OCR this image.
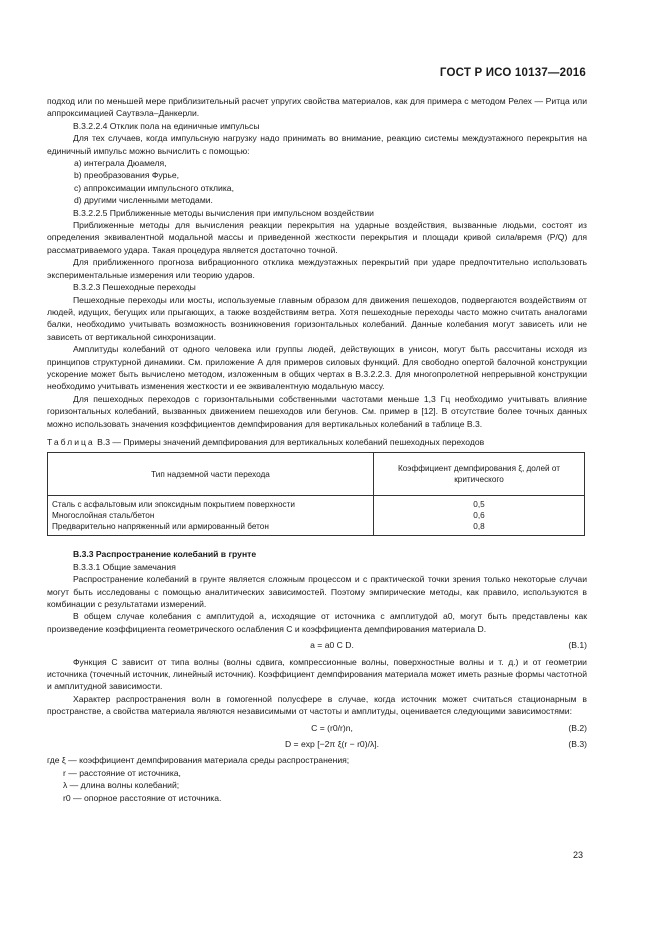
ГОСТ Р ИСО 10137—2016

подход или по меньшей мере приблизительный расчет упругих свойства материалов, как для примера с методом Релех — Ритца или аппроксимацией Саутвэла–Данкерли.

В.3.2.2.4 Отклик пола на единичные импульсы

Для тех случаев, когда импульсную нагрузку надо принимать во внимание, реакцию системы междуэтажного перекрытия на единичный импульс можно вычислить с помощью:

а) интеграла Дюамеля,
b) преобразования Фурье,
c) аппроксимации импульсного отклика,
d) другими численными методами.

В.3.2.2.5 Приближенные методы вычисления при импульсном воздействии

Приближенные методы для вычисления реакции перекрытия на ударные воздействия, вызванные людьми, состоят из определения эквивалентной модальной массы и приведенной жесткости перекрытия и площади кривой сила/время (P/Q) для рассматриваемого удара. Такая процедура является достаточно точной.

Для приближенного прогноза вибрационного отклика междуэтажных перекрытий при ударе предпочтительно использовать экспериментальные измерения или теорию ударов.

В.3.2.3 Пешеходные переходы

Пешеходные переходы или мосты, используемые главным образом для движения пешеходов, подвергаются воздействиям от людей, идущих, бегущих или прыгающих, а также воздействиям ветра. Хотя пешеходные переходы часто можно считать аналогами балки, необходимо учитывать возможность возникновения горизонтальных колебаний. Данные колебания могут зависеть или не зависеть от вертикальной синхронизации.

Амплитуды колебаний от одного человека или группы людей, действующих в унисон, могут быть рассчитаны исходя из принципов структурной динамики. См. приложение А для примеров силовых функций. Для свободно опертой балочной конструкции ускорение может быть вычислено методом, изложенным в общих чертах в В.3.2.2.3. Для многопролетной непрерывной конструкции необходимо учитывать изменения жесткости и ее эквивалентную модальную массу.

Для пешеходных переходов с горизонтальными собственными частотами меньше 1,3 Гц необходимо учитывать влияние горизонтальных колебаний, вызванных движением пешеходов или бегунов. См. пример в [12]. В отсутствие более точных данных можно использовать значения коэффициентов демпфирования для вертикальных колебаний в таблице В.3.

Таблица В.3 — Примеры значений демпфирования для вертикальных колебаний пешеходных переходов

Тип надземной части перехода	Коэффициент демпфирования ξ, долей от критического
Сталь с асфальтовым или эпоксидным покрытием поверхности	0,5
Многослойная сталь/бетон	0,6
Предварительно напряженный или армированный бетон	0,8

В.3.3 Распространение колебаний в грунте

В.3.3.1 Общие замечания

Распространение колебаний в грунте является сложным процессом и с практической точки зрения только некоторые случаи могут быть исследованы с помощью аналитических зависимостей. Поэтому эмпирические методы, как правило, используются в комбинации с результатами измерений.

В общем случае колебания с амплитудой a, исходящие от источника с амплитудой a0, могут быть представлены как произведение коэффициента геометрического ослабления C и коэффициента демпфирования материала D.

a = a0 C D.	(В.1)

Функция C зависит от типа волны (волны сдвига, компрессионные волны, поверхностные волны и т. д.) и от геометрии источника (точечный источник, линейный источник). Коэффициент демпфирования материала может иметь разные формы частотной и амплитудной зависимости.

Характер распространения волн в гомогенной полусфере в случае, когда источник может считаться стационарным в пространстве, а свойства материала являются независимыми от частоты и амплитуды, оценивается следующими зависимостями:

C = (r0/r)n,	(В.2)
D = exp [−2π ξ(r − r0)/λ].	(В.3)
где ξ — коэффициент демпфирования материала среды распространения;
r — расстояние от источника,
λ — длина волны колебаний;
r0 — опорное расстояние от источника.
23
